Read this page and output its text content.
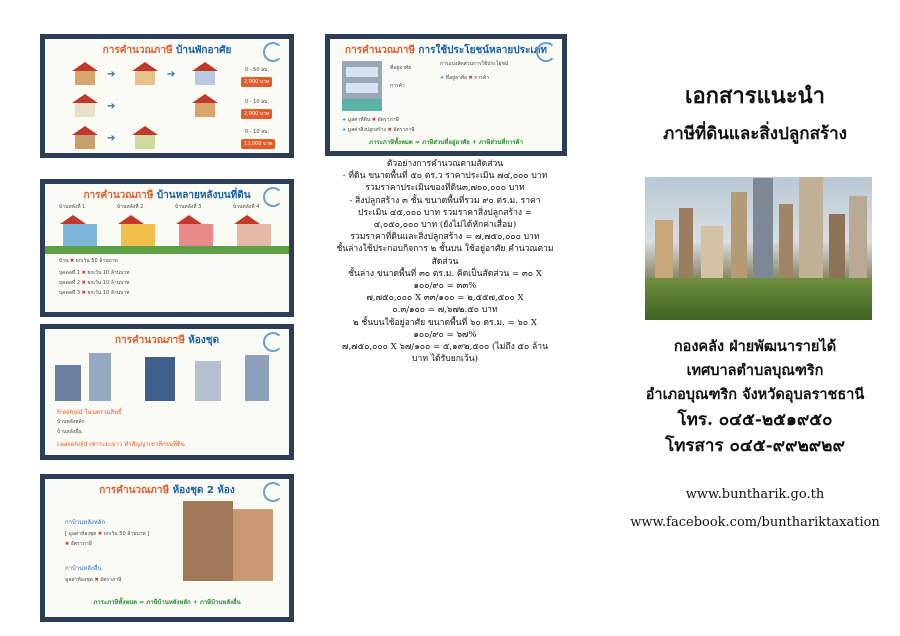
การคำนวณภาษี บ้านพักอาศัย
➔	➔	0 - 50 ลบ.
2,000 บาท
➔	0 - 10 ลบ.
2,000 บาท
➔
0 - 10 ลบ.
13,000 บาท
การคำนวณภาษี การใช้ประโยชน์หลายประเภท
ที่อยู่อาศัย
การค้า
การแบ่งสัดส่วนการใช้ประโยชน์
+ ที่อยู่อาศัย ✖ การค้า
+ มูลค่าที่ดิน ✖ อัตราภาษี
+ มูลค่าสิ่งปลูกสร้าง ✖ อัตราภาษี
ภาระภาษีทั้งหมด = ภาษีส่วนที่อยู่อาศัย + ภาษีส่วนที่การค้า
การคำนวณภาษี บ้านหลายหลังบนที่ดิน
บ้านหลังที่ 1	บ้านหลังที่ 2	บ้านหลังที่ 3	บ้านหลังที่ 4
บ้าน ✖ ยกเว้น 50 ล้านบาท
บุคคลที่ 1 ✖ ยกเว้น 10 ล้านบาท
บุคคลที่ 2 ✖ ยกเว้น 10 ล้านบาท
บุคคลที่ 3 ✖ ยกเว้น 10 ล้านบาท
การคำนวณภาษี ห้องชุด
Freehold โฉนดรวมสิทธิ์
บ้านหลังหลัก
บ้านหลังอื่น
Leasehold เช่าระยะยาว ทำสัญญาเช่าที่กรมที่ดิน
การคำนวณภาษี ห้องชุด 2 ห้อง
กาบ้านหลังหลัก
[ มูลค่าห้องชุด ✖ ยกเว้น 50 ล้านบาท ]
✖ อัตราภาษี
กาบ้านหลังอื่น
มูลค่าห้องชุด ✖ อัตราภาษี
ภาระภาษีทั้งหมด = ภาษีบ้านหลังหลัก + ภาษีบ้านหลังอื่น
ตัวอย่างการคำนวณตามสัดส่วน
- ที่ดิน ขนาดพื้นที่ ๕๐ ตร.ว ราคาประเมิน ๗๔,๐๐๐ บาท
รวมราคาประเมินของที่ดิน๓,๗๐๐,๐๐๐ บาท
- สิ่งปลูกสร้าง ๓ ชั้น ขนาดพื้นที่รวม ๙๐ ตร.ม. ราคา
ประเมิน ๔๕,๐๐๐ บาท รวมราคาสิ่งปลูกสร้าง =
๔,๐๕๐,๐๐๐ บาท (ยังไม่ได้หักค่าเสื่อม)
รวมราคาที่ดินและสิ่งปลูกสร้าง = ๗,๗๕๐,๐๐๐ บาท
ชั้นล่างใช้ประกอบกิจการ ๒ ชั้นบน ใช้อยู่อาศัย คำนวณตาม
สัดส่วน
ชั้นล่าง ขนาดพื้นที่ ๓๐ ตร.ม. คิดเป็นสัดส่วน = ๓๐ X
๑๐๐/๙๐ = ๓๓%
๗,๗๕๐,๐๐๐ X ๓๓/๑๐๐ = ๒,๕๕๗,๕๐๐ X
๐.๓/๑๐๐ = ๗,๖๗๒.๕๐ บาท
๒ ชั้นบนใช้อยู่อาศัย ขนาดพื้นที่ ๖๐ ตร.ม. = ๖๐ X
๑๐๐/๙๐ = ๖๗%
๗,๗๕๐,๐๐๐ X ๖๗/๑๐๐ = ๕,๑๙๒,๕๐๐ (ไม่ถึง ๕๐ ล้าน
บาท ได้รับยกเว้น)
เอกสารแนะนำ
ภาษีที่ดินและสิ่งปลูกสร้าง
กองคลัง ฝ่ายพัฒนารายได้
เทศบาลตำบลบุณฑริก
อำเภอบุณฑริก จังหวัดอุบลราชธานี
โทร. ๐๔๕-๒๕๑๙๕๐
โทรสาร ๐๔๕-๙๙๒๙๒๙
www.buntharik.go.th
www.facebook.com/bunthariktaxation
